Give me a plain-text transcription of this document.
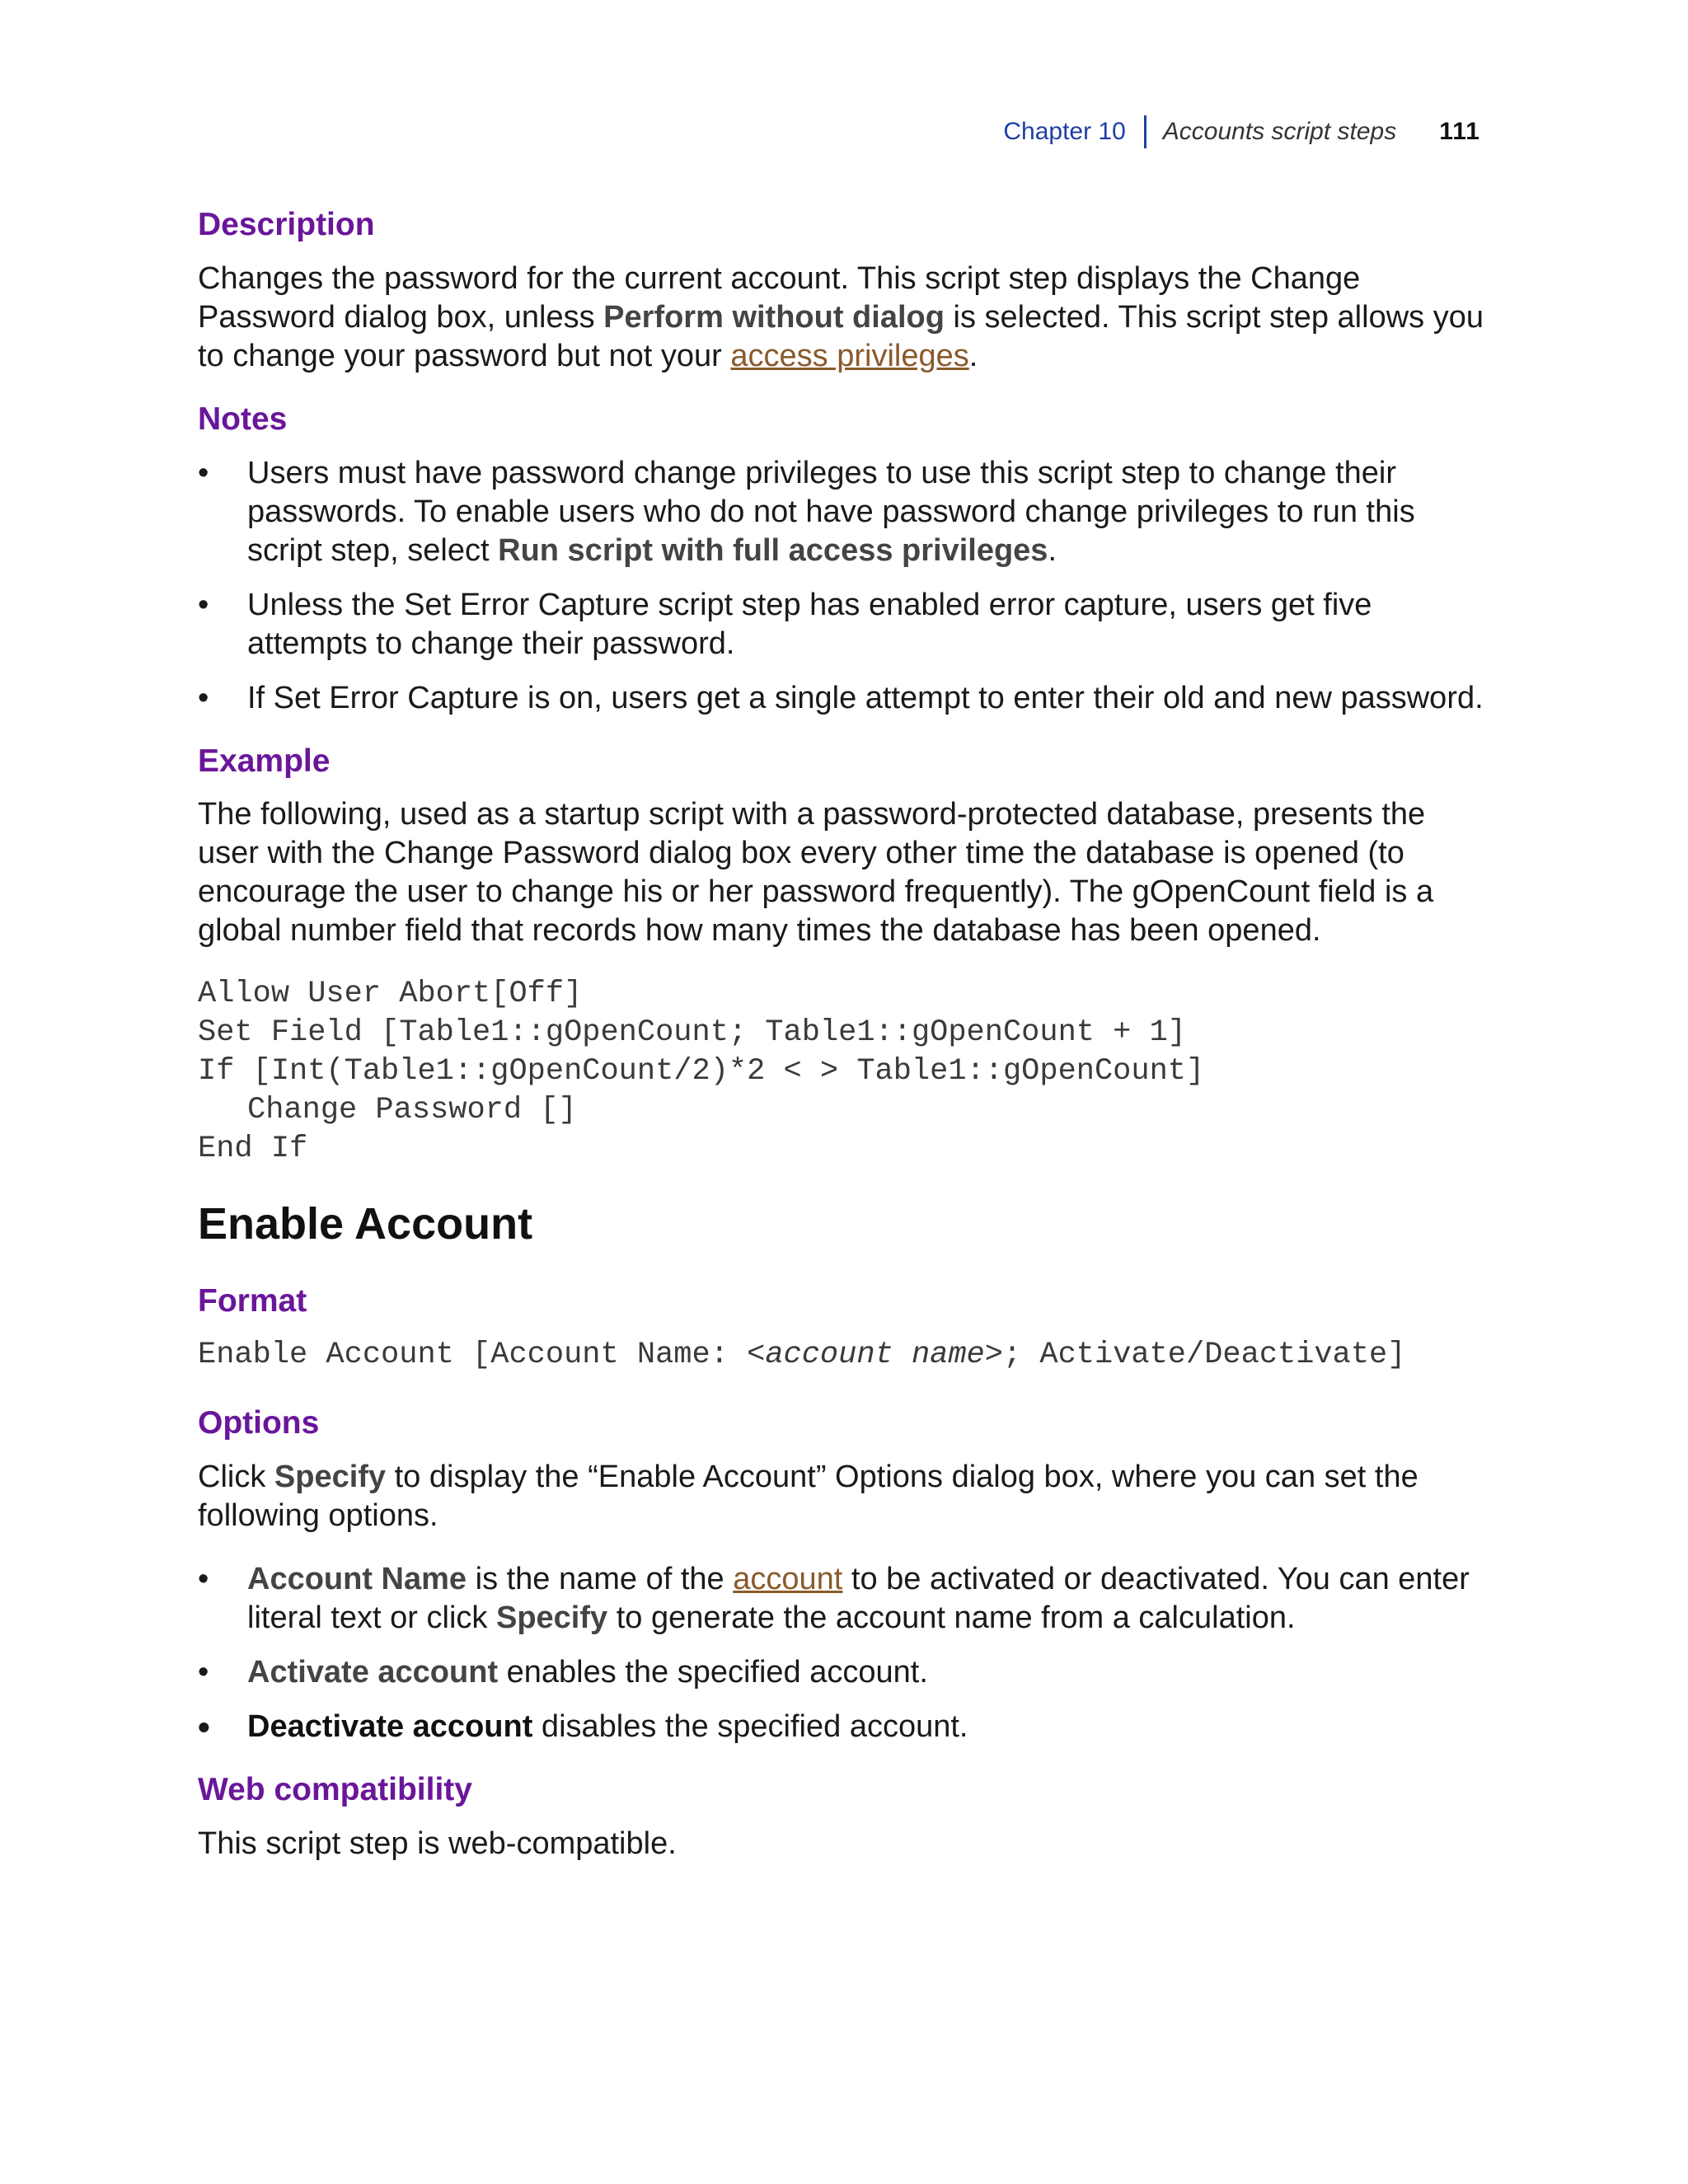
Chapter 10 Accounts script steps 111
Description

Changes the password for the current account. This script step displays the Change Password dialog box, unless Perform without dialog is selected. This script step allows you to change your password but not your access privileges.

Notes
•	Users must have password change privileges to use this script step to change their passwords. To enable users who do not have password change privileges to run this script step, select Run script with full access privileges.
•	Unless the Set Error Capture script step has enabled error capture, users get five attempts to change their password.
•	If Set Error Capture is on, users get a single attempt to enter their old and new password.
Example

The following, used as a startup script with a password-protected database, presents the user with the Change Password dialog box every other time the database is opened (to encourage the user to change his or her password frequently). The gOpenCount field is a global number field that records how many times the database has been opened.

Allow User Abort[Off]
Set Field [Table1::gOpenCount; Table1::gOpenCount + 1]
If [Int(Table1::gOpenCount/2)*2 < > Table1::gOpenCount]
Change Password []
End If
Enable Account
Format
Enable Account [Account Name: <account name>; Activate/Deactivate]
Options

Click Specify to display the “Enable Account” Options dialog box, where you can set the following options.

•	Account Name is the name of the account to be activated or deactivated. You can enter literal text or click Specify to generate the account name from a calculation.
•	Activate account enables the specified account.
•	Deactivate account disables the specified account.
Web compatibility

This script step is web-compatible.
